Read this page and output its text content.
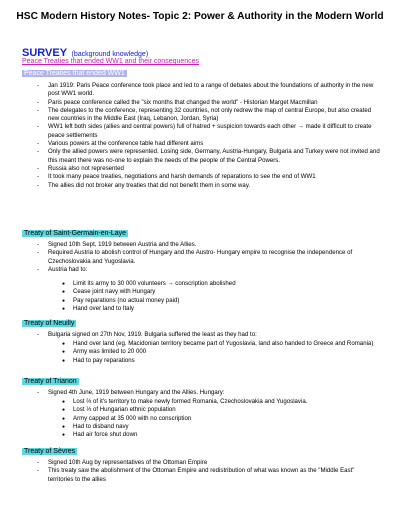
HSC Modern History Notes- Topic 2: Power & Authority in the Modern World
SURVEY (background knowledge)
Peace Treaties that ended WW1 and their consequences
Peace Treaties that ended WW1
- Jan 1919: Paris Peace conference took place and led to a range of debates about the foundations of authority in the new post WW1 world.
- Paris peace conference called the "six months that changed the world" - Historian Marget Macmillan
- The delegates to the conference, representing 32 countries, not only redrew the map of central Europe, but also created new countries in the Middle East (Iraq, Lebanon, Jordan, Syria)
- WW1 left both sides (allies and central powers) full of hatred + suspicion towards each other → made it difficult to create peace settlements
- Various powers at the conference table had different aims
- Only the allied powers were represented. Losing side, Germany, Austria-Hungary, Bulgaria and Turkey were not invited and this meant there was no-one to explain the needs of the people of the Central Powers.
- Russia also not represented
- It took many peace treaties, negotiations and harsh demands of reparations to see the end of WW1
- The allies did not broker any treaties that did not benefit them in some way.
Treaty of Saint-Germain-en-Laye
- Signed 10th Sept, 1919 between Austria and the Allies.
- Required Austria to abolish control of Hungary and the Austro- Hungary empire to recognise the independence of Czechoslovakia and Yugoslavia.
- Austria had to:
● Limit its army to 30 000 volunteers → conscription abolished
● Cease joint navy with Hungary
● Pay reparations (no actual money paid)
● Hand over land to Italy
Treaty of Neuilly
- Bulgaria signed on 27th Nov, 1919. Bulgaria suffered the least as they had to:
● Hand over land (eg. Macidonian territory became part of Yugoslavia, land also handed to Greece and Romania)
● Army was limited to 20 000
● Had to pay reparations
Treaty of Trianon
- Signed 4th June, 1919 between Hungary and the Allies. Hungary:
● Lost ⅔ of it's territory to make newly formed Romania, Czechoslovakia and Yugoslavia.
● Lost ⅓ of Hungarian ethnic population
● Army capped at 35 000 with no conscription
● Had to disband navy
● Had air force shut down
Treaty of Sèvres
- Signed 10th Aug by representatives of the Ottoman Empire
- This treaty saw the abolishment of the Ottoman Empire and redistribution of what was known as the "Middle East" territories to the allies
